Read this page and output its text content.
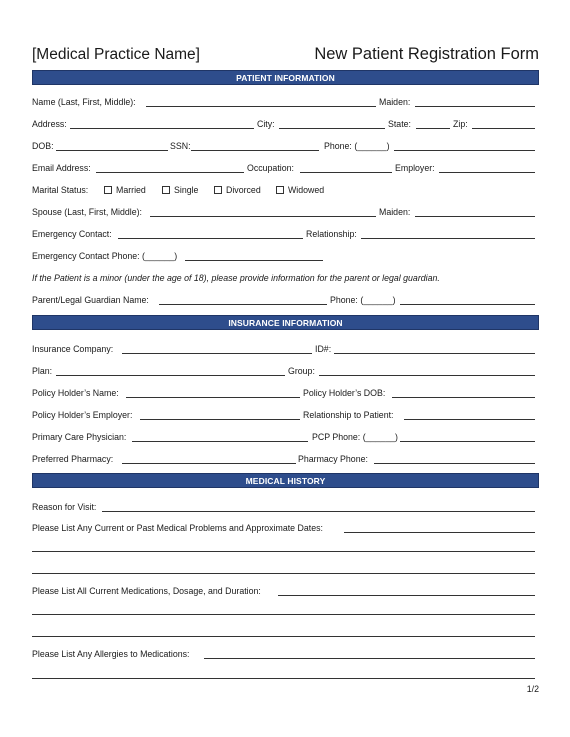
[Medical Practice Name]	New Patient Registration Form
PATIENT INFORMATION
Name (Last, First, Middle):	Maiden:
Address:	City:	State:	Zip:
DOB:	SSN:	Phone: (______)
Email Address:	Occupation:	Employer:
Marital Status:	Married	Single	Divorced	Widowed
Spouse (Last, First, Middle):	Maiden:
Emergency Contact:	Relationship:
Emergency Contact Phone: (______)
If the Patient is a minor (under the age of 18), please provide information for the parent or legal guardian.
Parent/Legal Guardian Name:	Phone: (______)
INSURANCE INFORMATION
Insurance Company:	ID#:
Plan:	Group:
Policy Holder’s Name:	Policy Holder’s DOB:
Policy Holder’s Employer:	Relationship to Patient:
Primary Care Physician:	PCP Phone: (______)
Preferred Pharmacy:	Pharmacy Phone:
MEDICAL HISTORY
Reason for Visit:
Please List Any Current or Past Medical Problems and Approximate Dates:
Please List All Current Medications, Dosage, and Duration:
Please List Any Allergies to Medications:
1/2
